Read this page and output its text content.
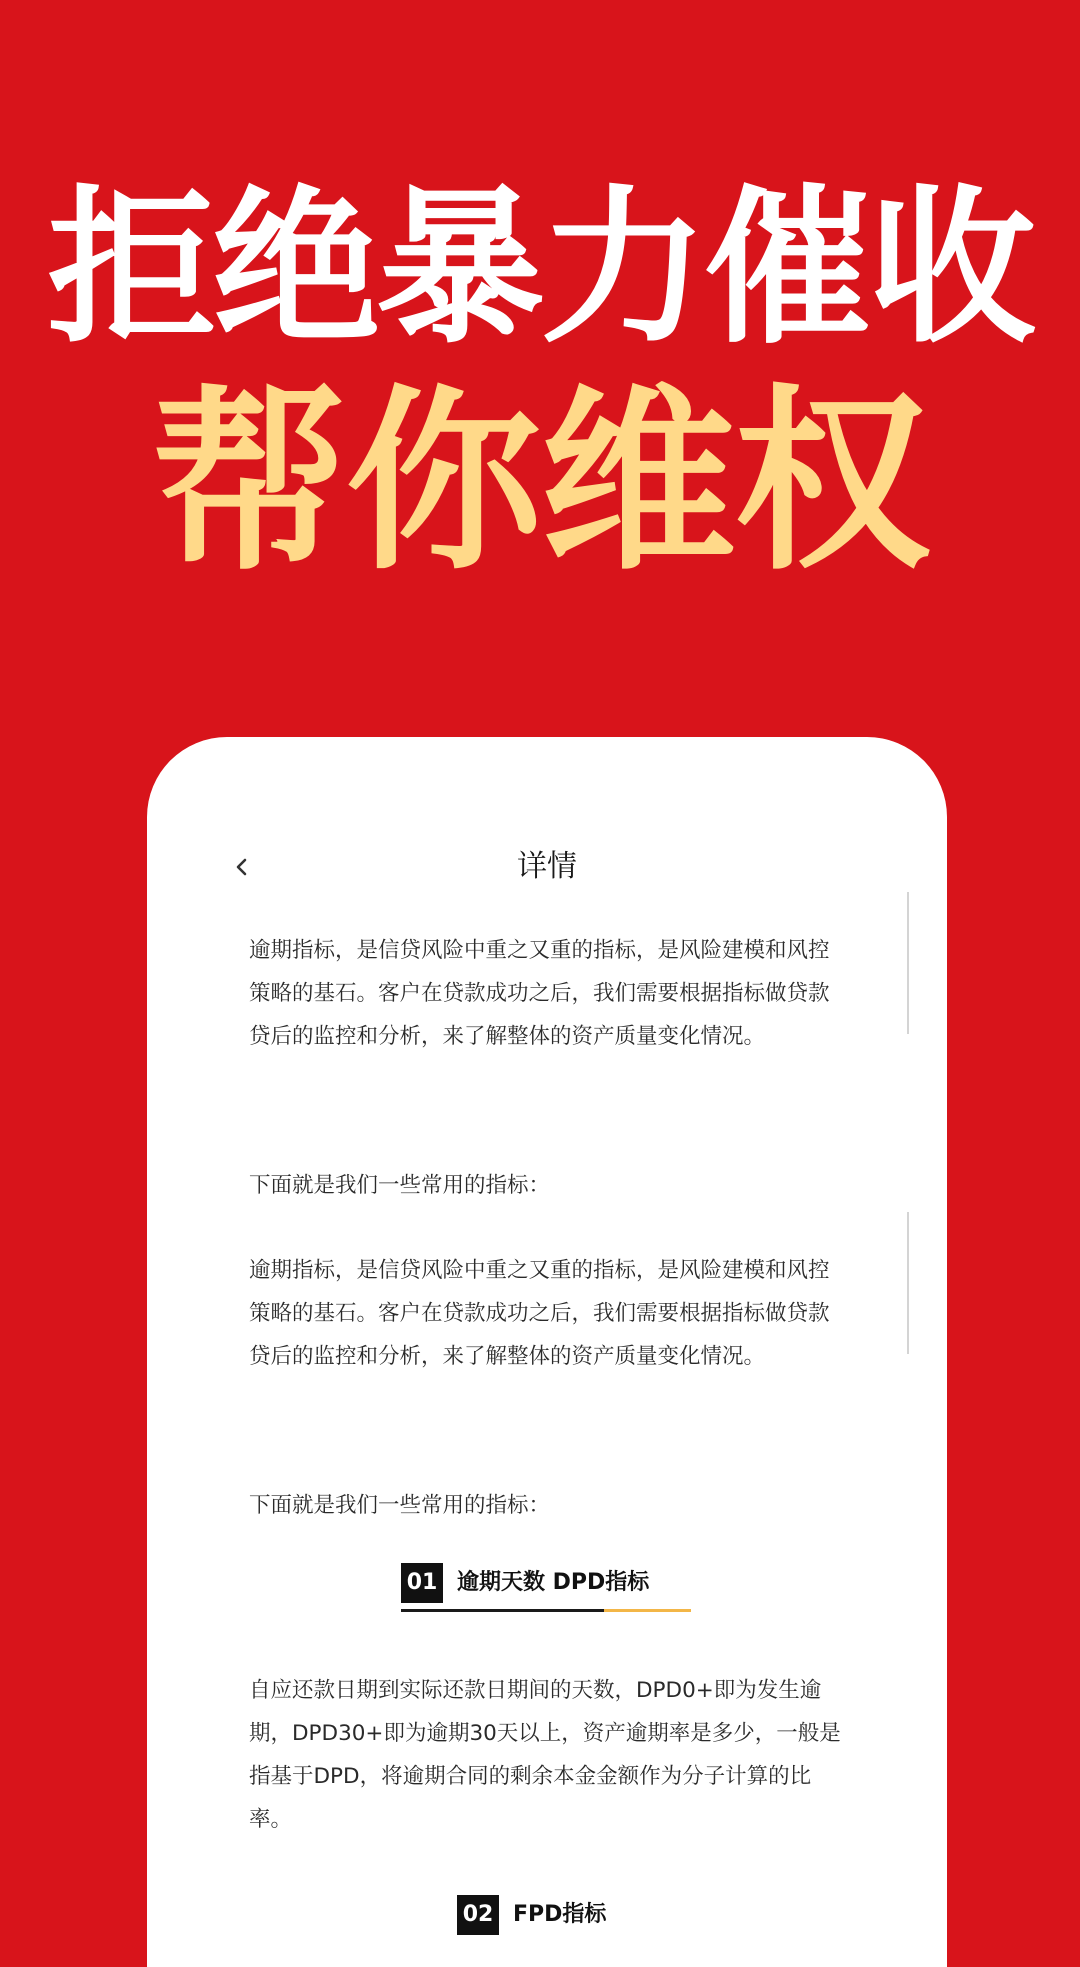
拒绝暴力催收
帮你维权
详情

逾期指标，是信贷风险中重之又重的指标，是风险建模和风控策略的基石。客户在贷款成功之后，我们需要根据指标做贷款贷后的监控和分析，来了解整体的资产质量变化情况。

下面就是我们一些常用的指标：

逾期指标，是信贷风险中重之又重的指标，是风险建模和风控策略的基石。客户在贷款成功之后，我们需要根据指标做贷款贷后的监控和分析，来了解整体的资产质量变化情况。

下面就是我们一些常用的指标：

01 逾期天数 DPD指标

自应还款日期到实际还款日期间的天数，DPD0+即为发生逾期，DPD30+即为逾期30天以上，资产逾期率是多少，一般是指基于DPD，将逾期合同的剩余本金金额作为分子计算的比率。

02 FPD指标
